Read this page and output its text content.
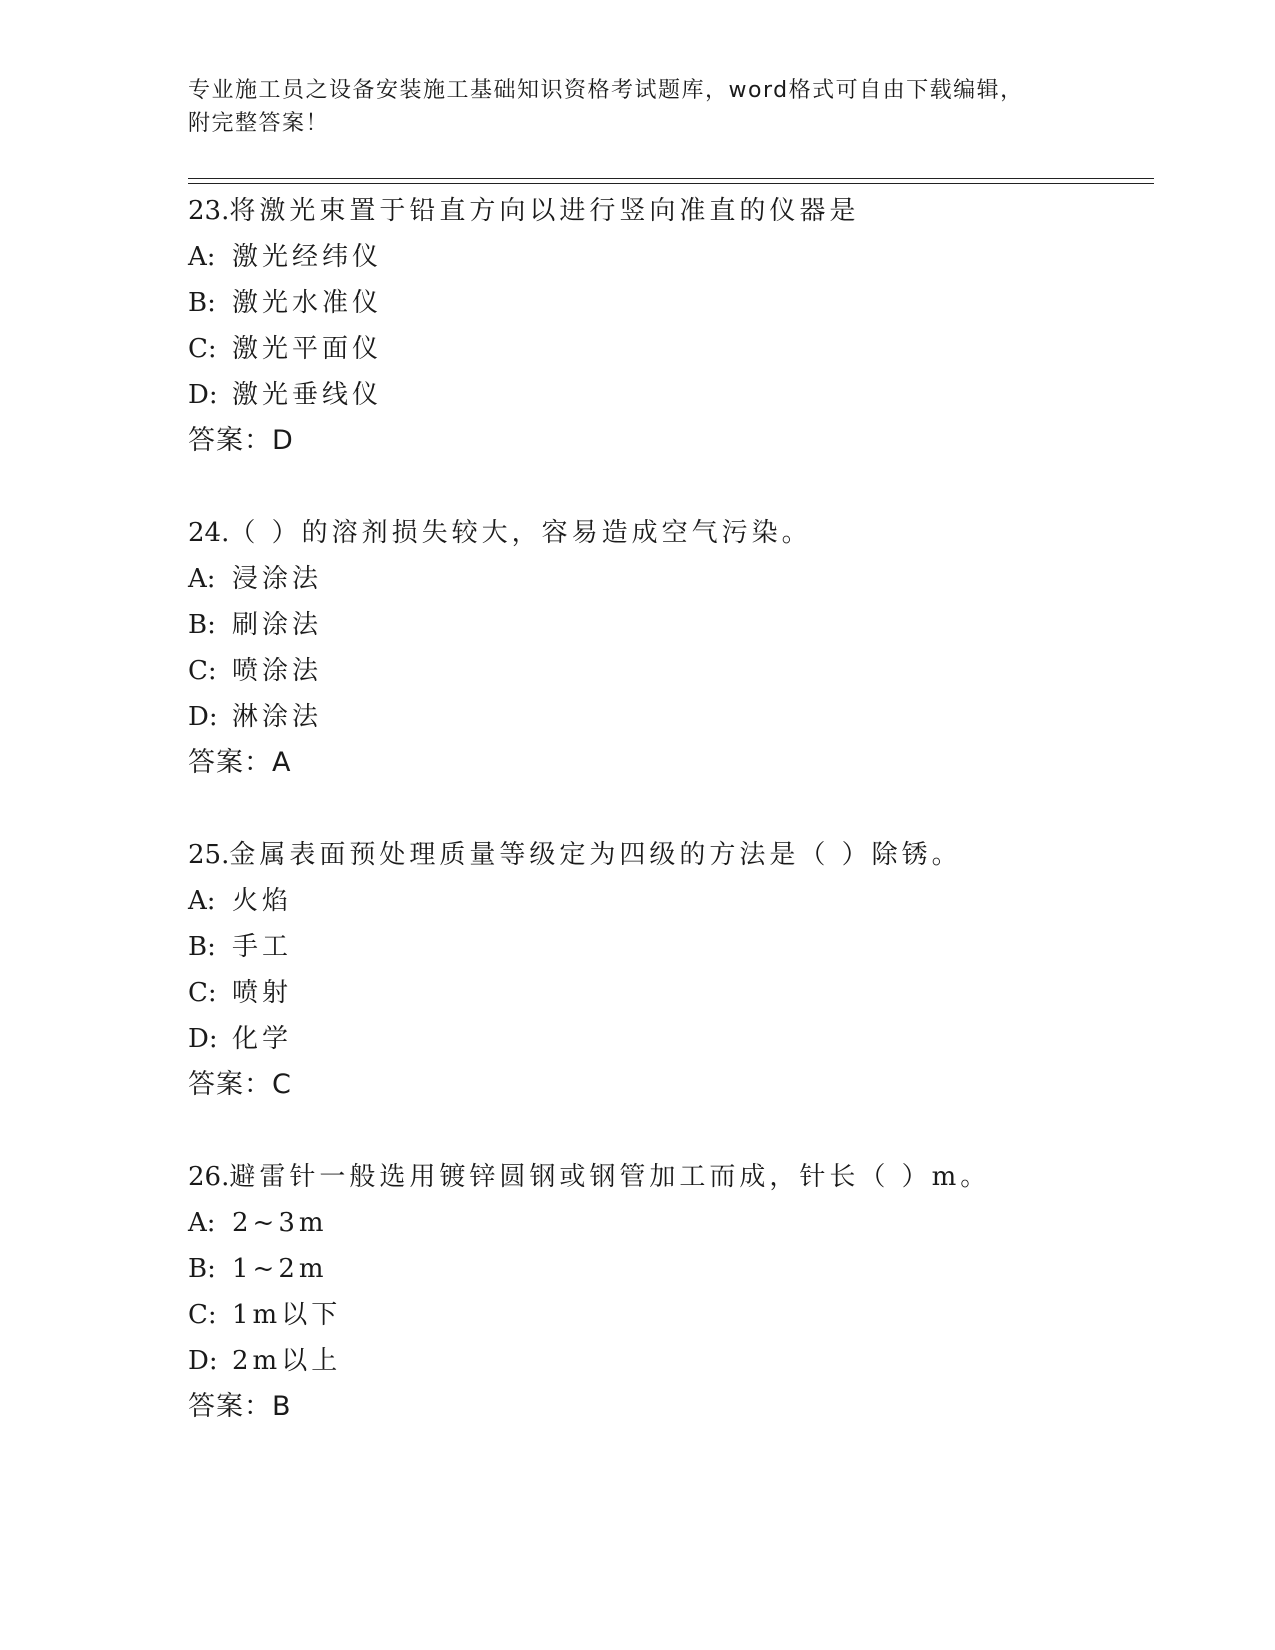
专业施工员之设备安装施工基础知识资格考试题库，word格式可自由下载编辑，
附完整答案！
23.将激光束置于铅直方向以进行竖向准直的仪器是
A: 激光经纬仪
B: 激光水准仪
C: 激光平面仪
D: 激光垂线仪
答案：D
24.（ ）的溶剂损失较大，容易造成空气污染。
A: 浸涂法
B: 刷涂法
C: 喷涂法
D: 淋涂法
答案：A
25.金属表面预处理质量等级定为四级的方法是（ ）除锈。
A: 火焰
B: 手工
C: 喷射
D: 化学
答案：C
26.避雷针一般选用镀锌圆钢或钢管加工而成，针长（ ）m。
A: 2~3m
B: 1~2m
C: 1m以下
D: 2m以上
答案：B
